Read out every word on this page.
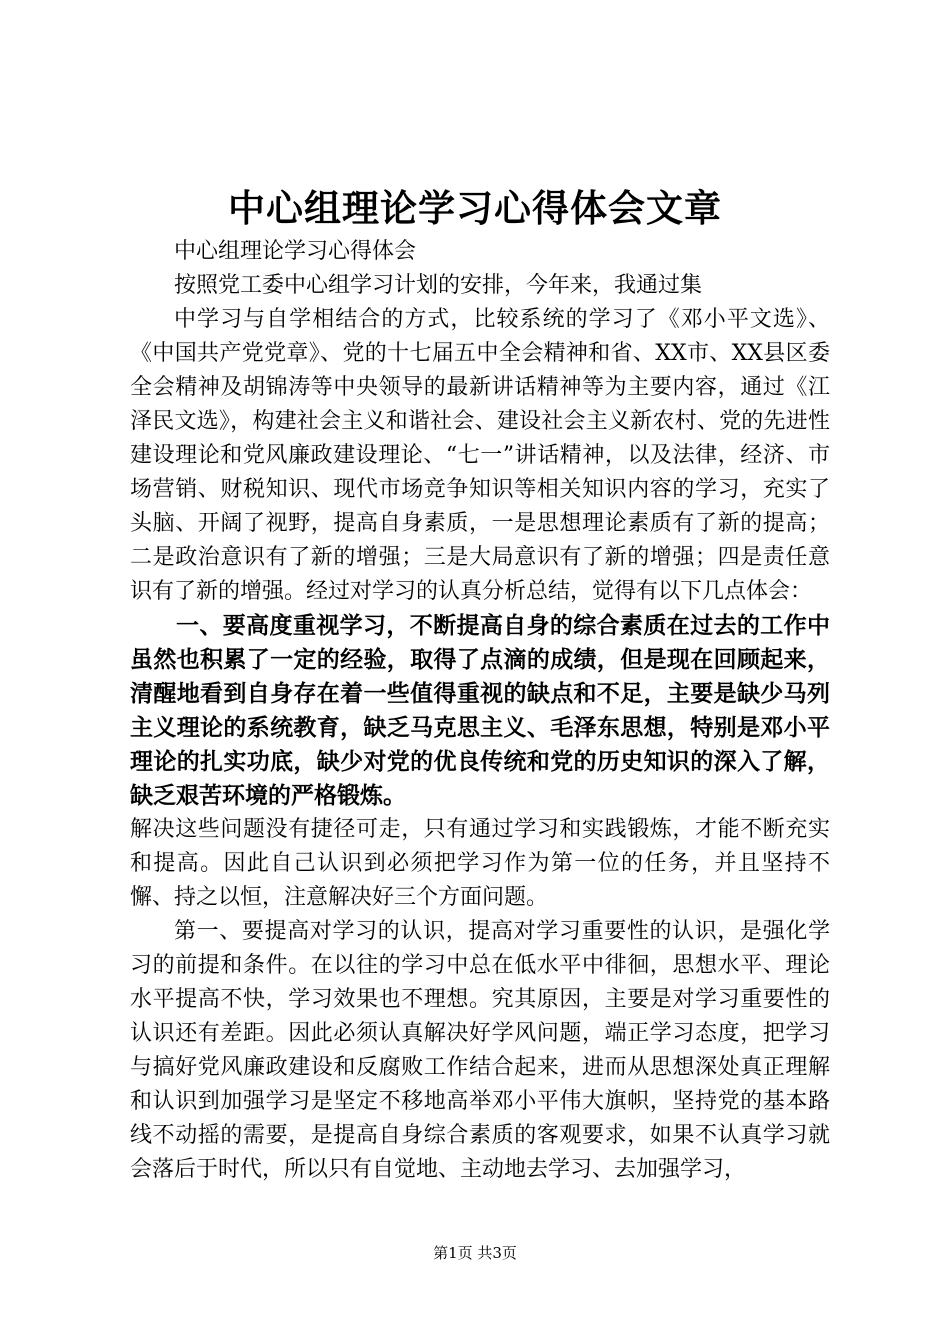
中心组理论学习心得体会文章

中心组理论学习心得体会

按照党工委中心组学习计划的安排，今年来，我通过集

中学习与自学相结合的方式，比较系统的学习了《邓小平文选》、《中国共产党党章》、党的十七届五中全会精神和省、XX市、XX县区委全会精神及胡锦涛等中央领导的最新讲话精神等为主要内容，通过《江泽民文选》，构建社会主义和谐社会、建设社会主义新农村、党的先进性建设理论和党风廉政建设理论、“七一”讲话精神，以及法律，经济、市场营销、财税知识、现代市场竞争知识等相关知识内容的学习，充实了头脑、开阔了视野，提高自身素质，一是思想理论素质有了新的提高；二是政治意识有了新的增强；三是大局意识有了新的增强；四是责任意识有了新的增强。经过对学习的认真分析总结，觉得有以下几点体会：

一、要高度重视学习，不断提高自身的综合素质在过去的工作中虽然也积累了一定的经验，取得了点滴的成绩，但是现在回顾起来，清醒地看到自身存在着一些值得重视的缺点和不足，主要是缺少马列主义理论的系统教育，缺乏马克思主义、毛泽东思想，特别是邓小平理论的扎实功底，缺少对党的优良传统和党的历史知识的深入了解，缺乏艰苦环境的严格锻炼。

解决这些问题没有捷径可走，只有通过学习和实践锻炼，才能不断充实和提高。因此自己认识到必须把学习作为第一位的任务，并且坚持不懈、持之以恒，注意解决好三个方面问题。

第一、要提高对学习的认识，提高对学习重要性的认识，是强化学习的前提和条件。在以往的学习中总在低水平中徘徊，思想水平、理论水平提高不快，学习效果也不理想。究其原因，主要是对学习重要性的认识还有差距。因此必须认真解决好学风问题，端正学习态度，把学习与搞好党风廉政建设和反腐败工作结合起来，进而从思想深处真正理解和认识到加强学习是坚定不移地高举邓小平伟大旗帜，坚持党的基本路线不动摇的需要，是提高自身综合素质的客观要求，如果不认真学习就会落后于时代，所以只有自觉地、主动地去学习、去加强学习，

第1页 共3页
